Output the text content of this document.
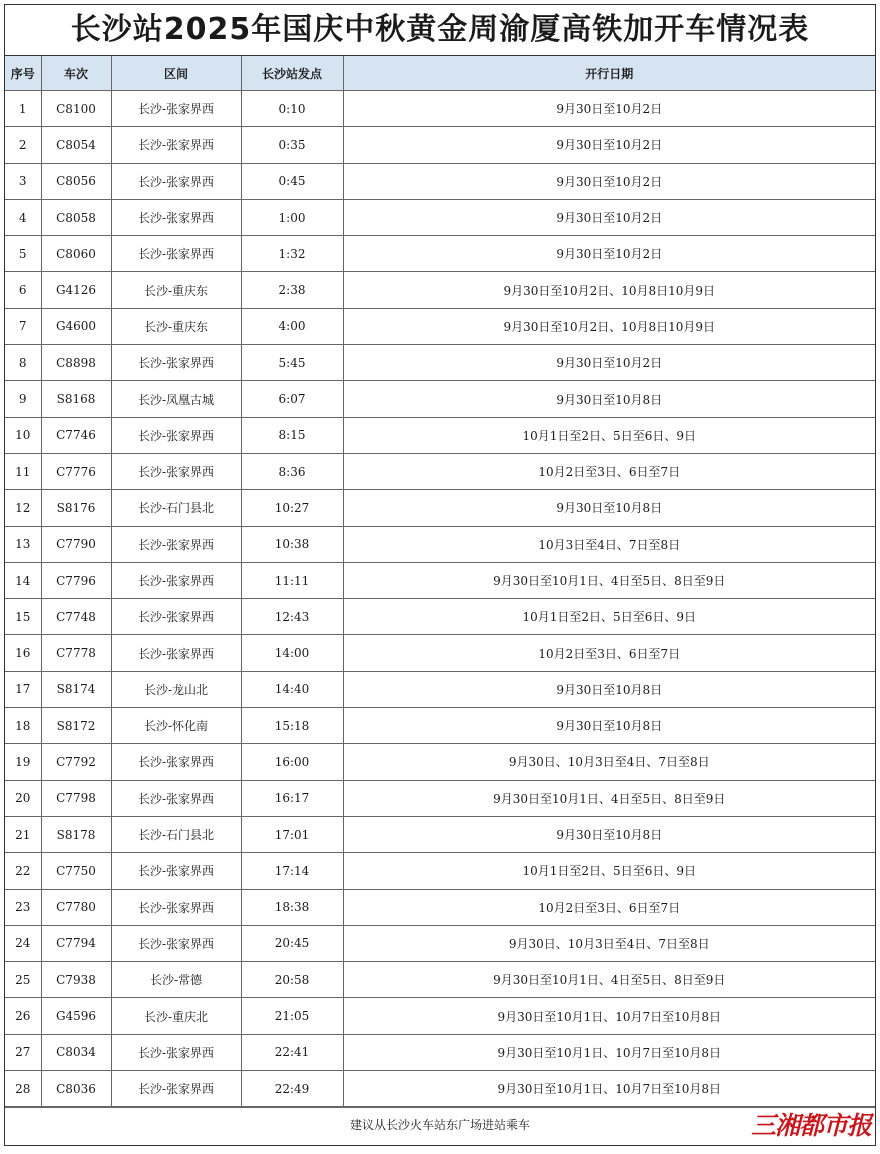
长沙站2025年国庆中秋黄金周渝厦高铁加开车情况表
序号	车次	区间	长沙站发点	开行日期
1	C8100	长沙-张家界西	0:10	9月30日至10月2日
2	C8054	长沙-张家界西	0:35	9月30日至10月2日
3	C8056	长沙-张家界西	0:45	9月30日至10月2日
4	C8058	长沙-张家界西	1:00	9月30日至10月2日
5	C8060	长沙-张家界西	1:32	9月30日至10月2日
6	G4126	长沙-重庆东	2:38	9月30日至10月2日、10月8日10月9日
7	G4600	长沙-重庆东	4:00	9月30日至10月2日、10月8日10月9日
8	C8898	长沙-张家界西	5:45	9月30日至10月2日
9	S8168	长沙-凤凰古城	6:07	9月30日至10月8日
10	C7746	长沙-张家界西	8:15	10月1日至2日、5日至6日、9日
11	C7776	长沙-张家界西	8:36	10月2日至3日、6日至7日
12	S8176	长沙-石门县北	10:27	9月30日至10月8日
13	C7790	长沙-张家界西	10:38	10月3日至4日、7日至8日
14	C7796	长沙-张家界西	11:11	9月30日至10月1日、4日至5日、8日至9日
15	C7748	长沙-张家界西	12:43	10月1日至2日、5日至6日、9日
16	C7778	长沙-张家界西	14:00	10月2日至3日、6日至7日
17	S8174	长沙-龙山北	14:40	9月30日至10月8日
18	S8172	长沙-怀化南	15:18	9月30日至10月8日
19	C7792	长沙-张家界西	16:00	9月30日、10月3日至4日、7日至8日
20	C7798	长沙-张家界西	16:17	9月30日至10月1日、4日至5日、8日至9日
21	S8178	长沙-石门县北	17:01	9月30日至10月8日
22	C7750	长沙-张家界西	17:14	10月1日至2日、5日至6日、9日
23	C7780	长沙-张家界西	18:38	10月2日至3日、6日至7日
24	C7794	长沙-张家界西	20:45	9月30日、10月3日至4日、7日至8日
25	C7938	长沙-常德	20:58	9月30日至10月1日、4日至5日、8日至9日
26	G4596	长沙-重庆北	21:05	9月30日至10月1日、10月7日至10月8日
27	C8034	长沙-张家界西	22:41	9月30日至10月1日、10月7日至10月8日
28	C8036	长沙-张家界西	22:49	9月30日至10月1日、10月7日至10月8日
建议从长沙火车站东广场进站乘车	三湘都市报
